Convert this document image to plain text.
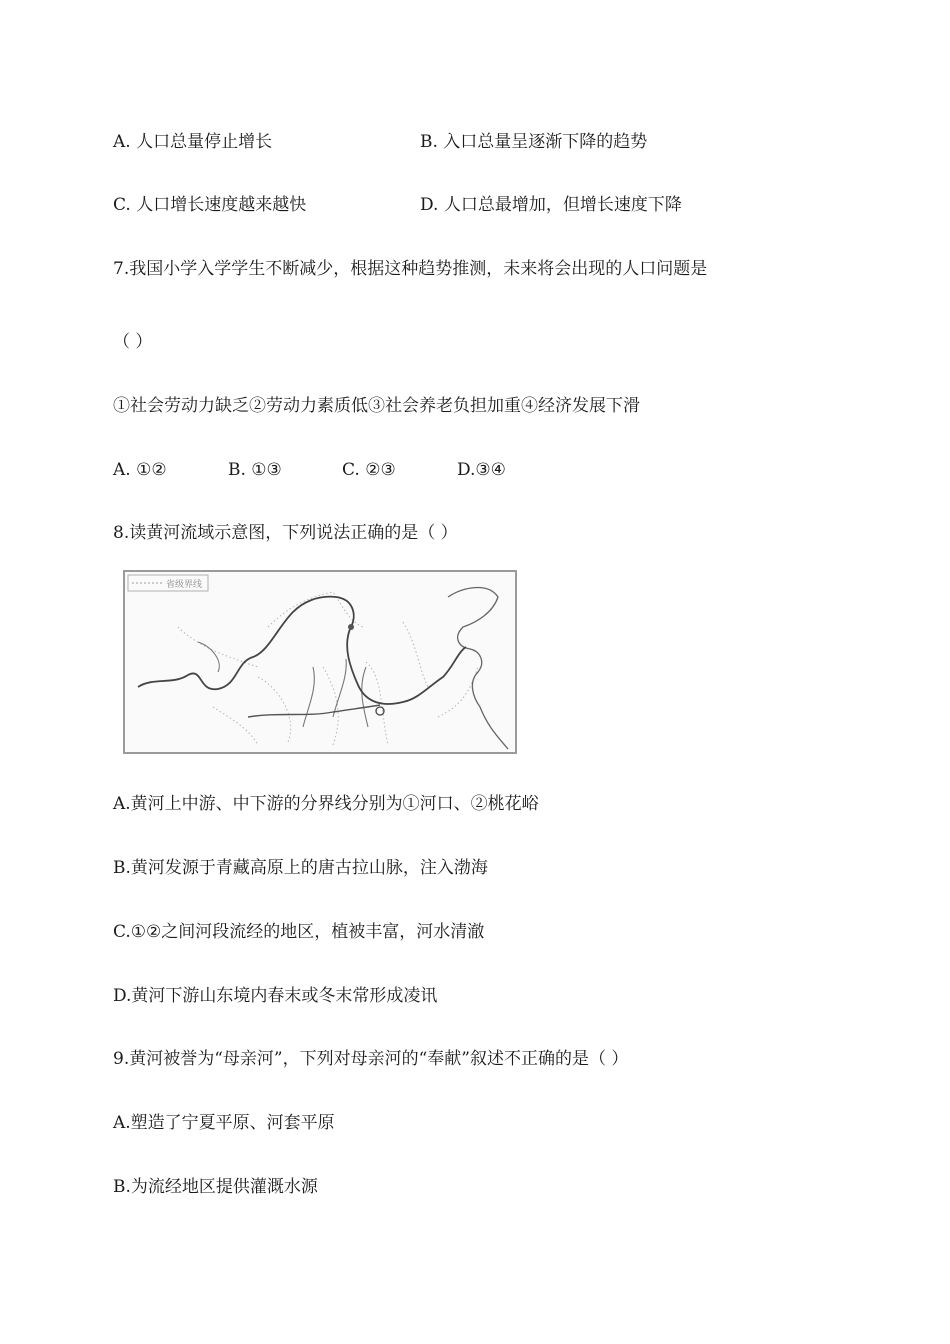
A. 人口总量停止增长	B. 入口总量呈逐渐下降的趋势
C. 人口增长速度越来越快	D. 人口总最增加，但增长速度下降
7.我国小学入学学生不断减少，根据这种趋势推测，未来将会出现的人口问题是
（ ）
①社会劳动力缺乏②劳动力素质低③社会养老负担加重④经济发展下滑
A. ①②	B. ①③	C. ②③	D.③④
8.读黄河流域示意图，下列说法正确的是（ ）
省级界线
A.黄河上中游、中下游的分界线分别为①河口、②桃花峪
B.黄河发源于青藏高原上的唐古拉山脉，注入渤海
C.①②之间河段流经的地区，植被丰富，河水清澈
D.黄河下游山东境内春末或冬末常形成凌讯
9.黄河被誉为“母亲河”，下列对母亲河的“奉献”叙述不正确的是（ ）
A.塑造了宁夏平原、河套平原
B.为流经地区提供灌溉水源
